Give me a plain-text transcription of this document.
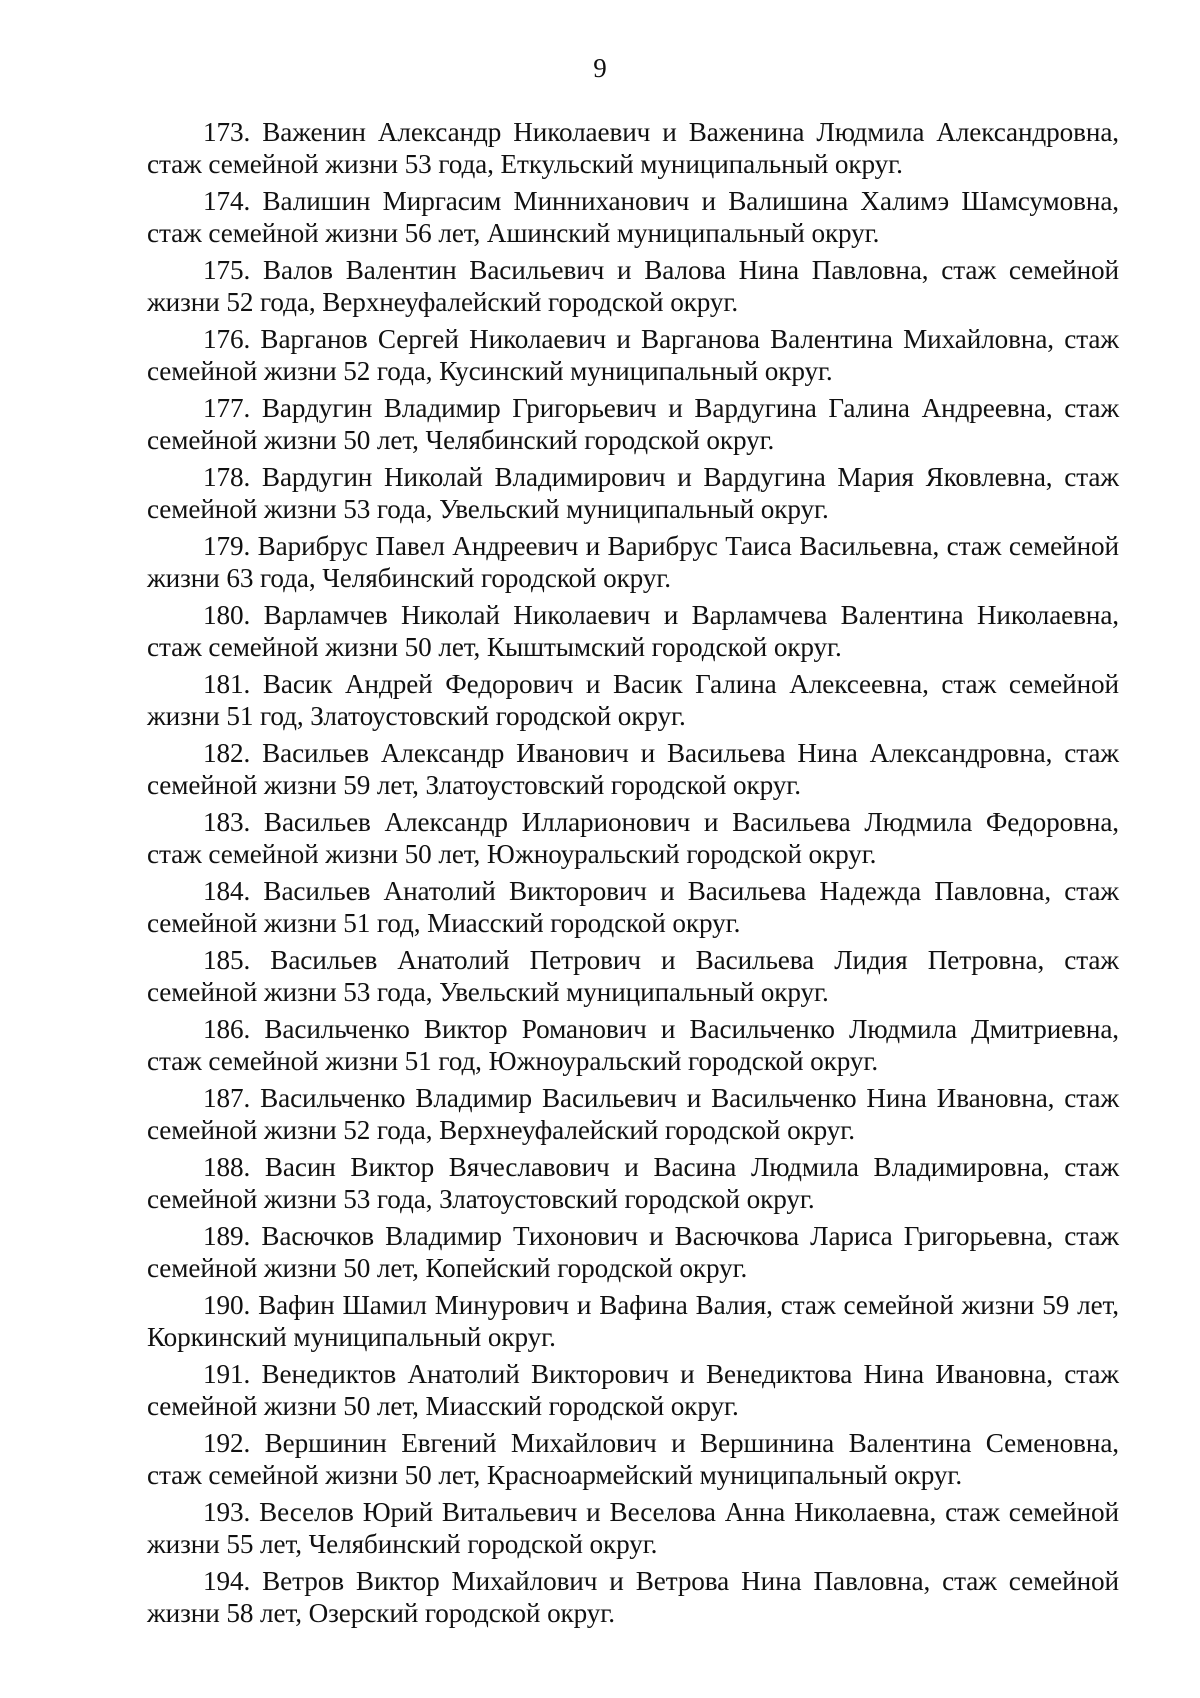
9

173. Важенин Александр Николаевич и Важенина Людмила Александровна, стаж семейной жизни 53 года, Еткульский муниципальный округ.

174. Валишин Миргасим Минниханович и Валишина Халимэ Шамсумовна, стаж семейной жизни 56 лет, Ашинский муниципальный округ.

175. Валов Валентин Васильевич и Валова Нина Павловна, стаж семейной жизни 52 года, Верхнеуфалейский городской округ.

176. Варганов Сергей Николаевич и Варганова Валентина Михайловна, стаж семейной жизни 52 года, Кусинский муниципальный округ.

177. Вардугин Владимир Григорьевич и Вардугина Галина Андреевна, стаж семейной жизни 50 лет, Челябинский городской округ.

178. Вардугин Николай Владимирович и Вардугина Мария Яковлевна, стаж семейной жизни 53 года, Увельский муниципальный округ.

179. Варибрус Павел Андреевич и Варибрус Таиса Васильевна, стаж семейной жизни 63 года, Челябинский городской округ.

180. Варламчев Николай Николаевич и Варламчева Валентина Николаевна, стаж семейной жизни 50 лет, Кыштымский городской округ.

181. Васик Андрей Федорович и Васик Галина Алексеевна, стаж семейной жизни 51 год, Златоустовский городской округ.

182. Васильев Александр Иванович и Васильева Нина Александровна, стаж семейной жизни 59 лет, Златоустовский городской округ.

183. Васильев Александр Илларионович и Васильева Людмила Федоровна, стаж семейной жизни 50 лет, Южноуральский городской округ.

184. Васильев Анатолий Викторович и Васильева Надежда Павловна, стаж семейной жизни 51 год, Миасский городской округ.

185. Васильев Анатолий Петрович и Васильева Лидия Петровна, стаж семейной жизни 53 года, Увельский муниципальный округ.

186. Васильченко Виктор Романович и Васильченко Людмила Дмитриевна, стаж семейной жизни 51 год, Южноуральский городской округ.

187. Васильченко Владимир Васильевич и Васильченко Нина Ивановна, стаж семейной жизни 52 года, Верхнеуфалейский городской округ.

188. Васин Виктор Вячеславович и Васина Людмила Владимировна, стаж семейной жизни 53 года, Златоустовский городской округ.

189. Васючков Владимир Тихонович и Васючкова Лариса Григорьевна, стаж семейной жизни 50 лет, Копейский городской округ.

190. Вафин Шамил Минурович и Вафина Валия, стаж семейной жизни 59 лет, Коркинский муниципальный округ.

191. Венедиктов Анатолий Викторович и Венедиктова Нина Ивановна, стаж семейной жизни 50 лет, Миасский городской округ.

192. Вершинин Евгений Михайлович и Вершинина Валентина Семеновна, стаж семейной жизни 50 лет, Красноармейский муниципальный округ.

193. Веселов Юрий Витальевич и Веселова Анна Николаевна, стаж семейной жизни 55 лет, Челябинский городской округ.

194. Ветров Виктор Михайлович и Ветрова Нина Павловна, стаж семейной жизни 58 лет, Озерский городской округ.
